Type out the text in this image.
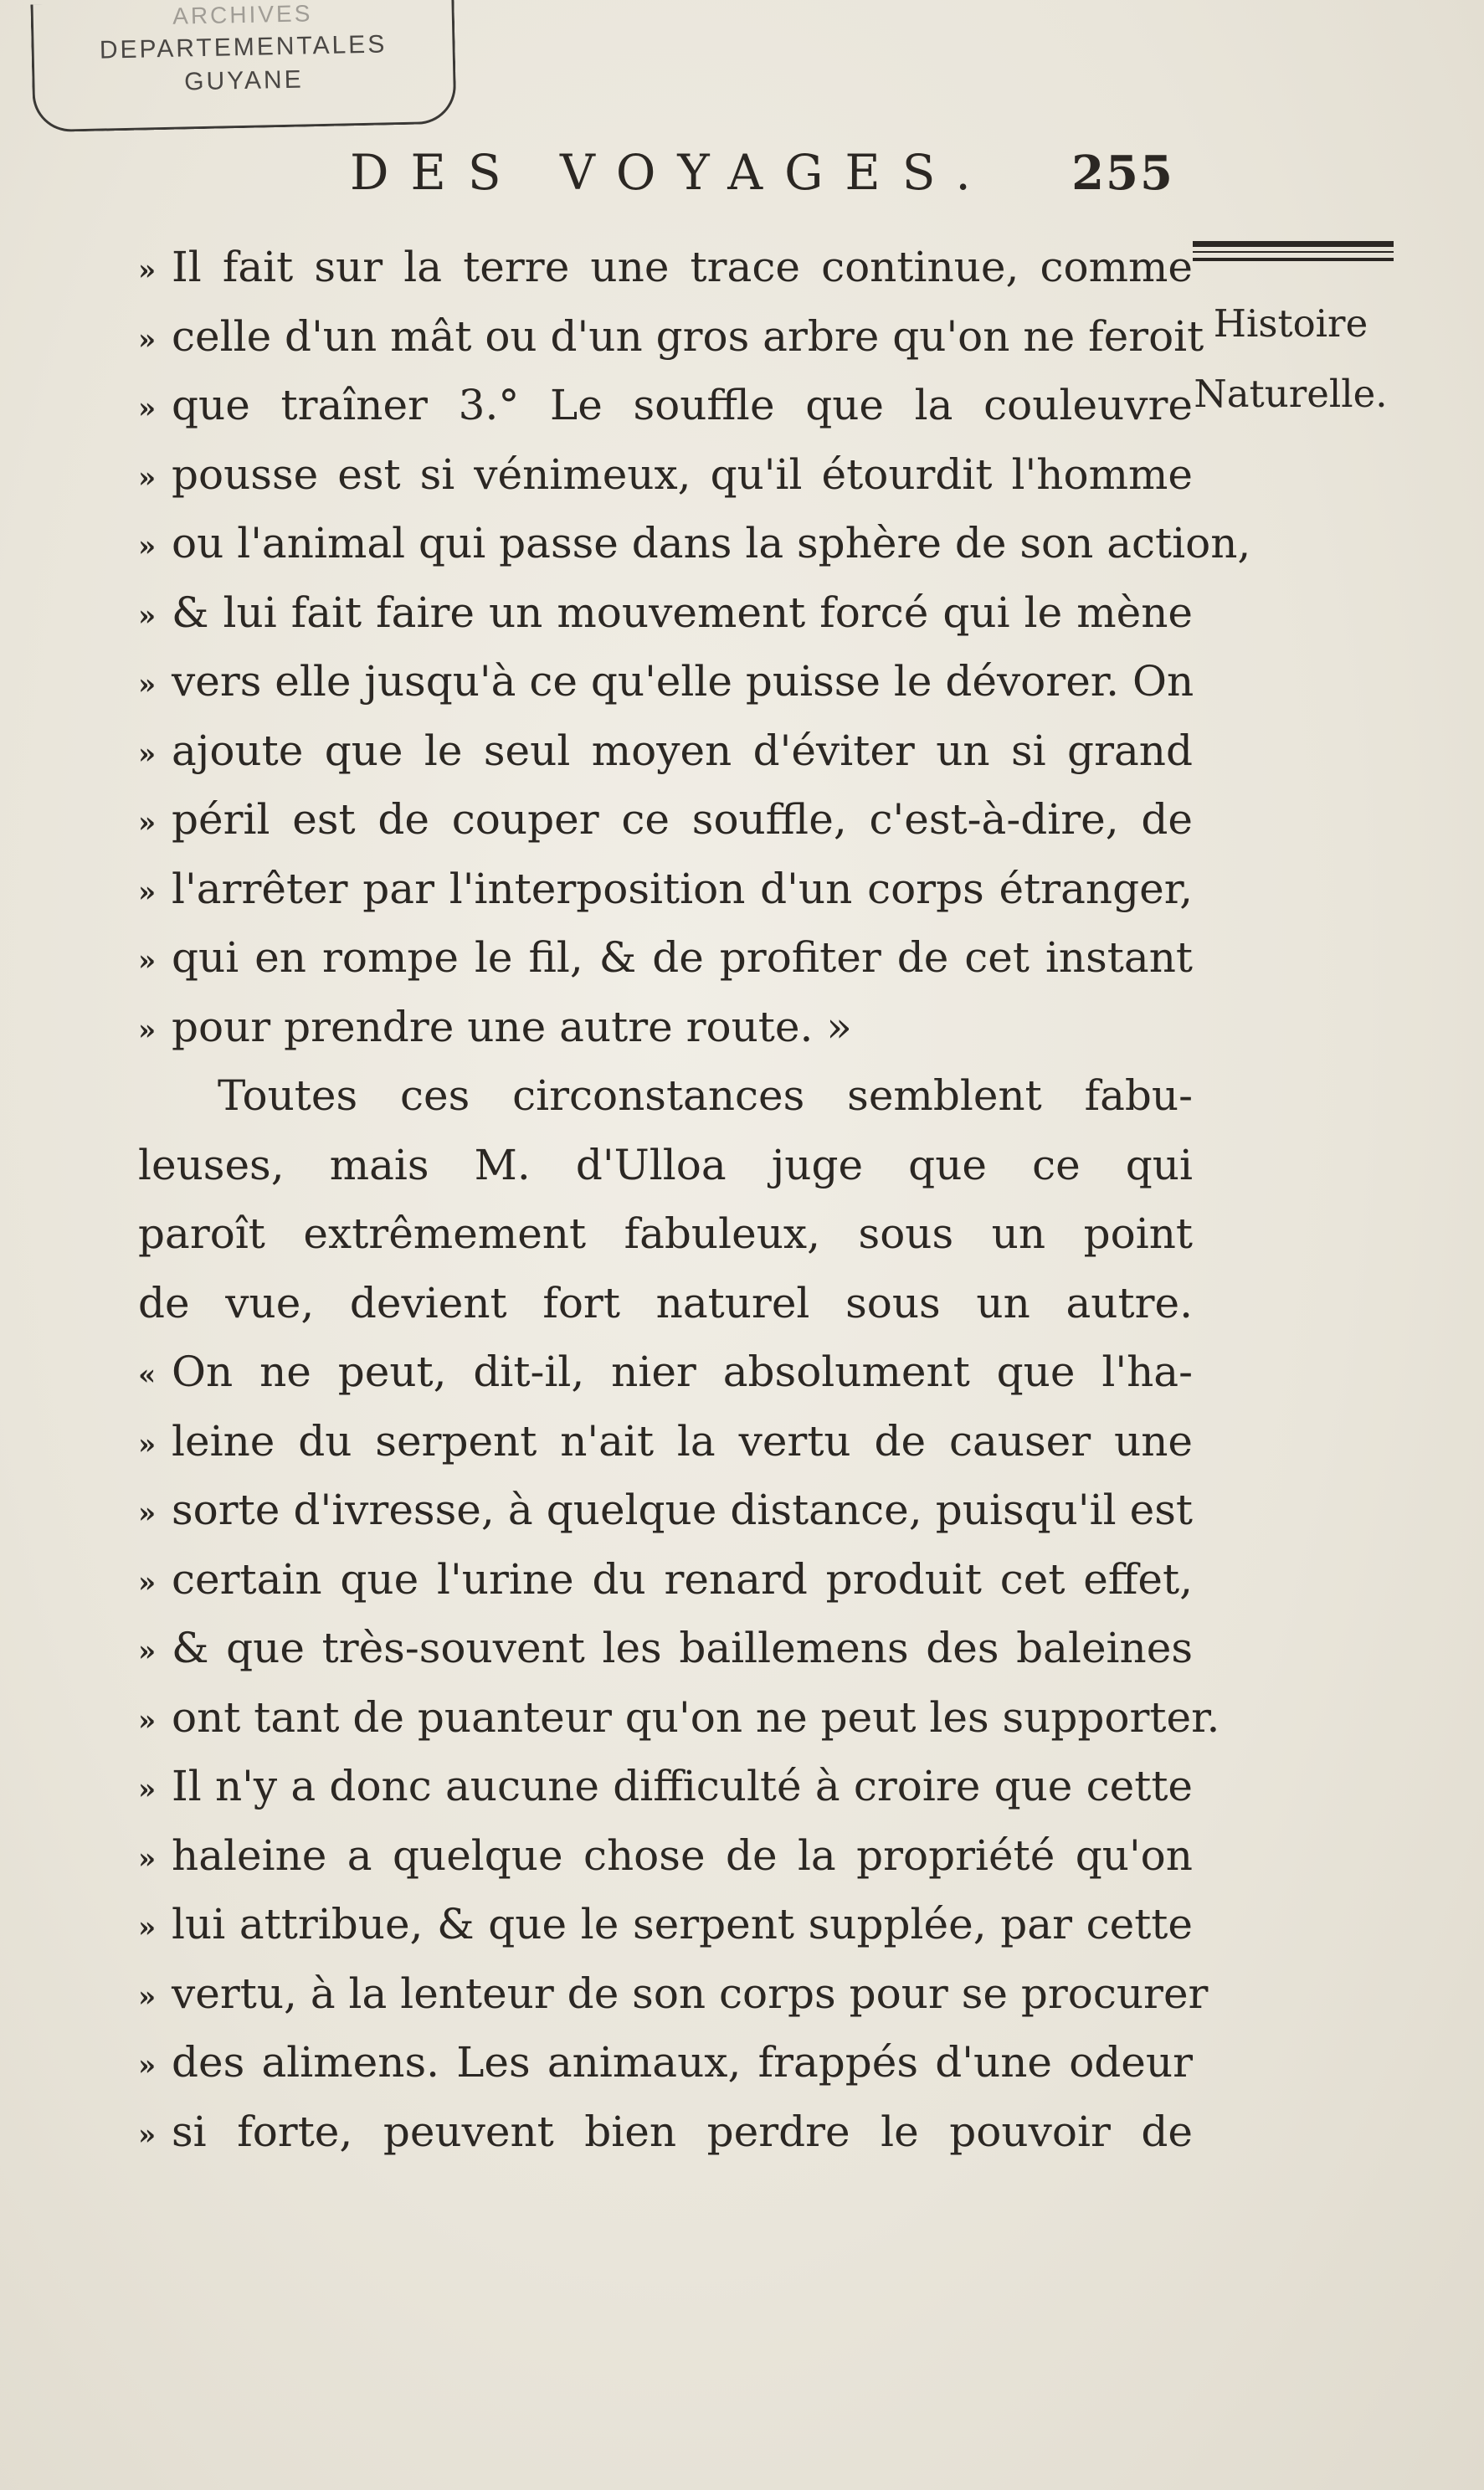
ARCHIVES
DEPARTEMENTALES
GUYANE
DES VOYAGES. 255
Histoire
Naturelle.
» Il fait sur la terre une trace continue, comme
» celle d'un mât ou d'un gros arbre qu'on ne feroit
» que traîner 3.° Le souffle que la couleuvre
» pousse est si vénimeux, qu'il étourdit l'homme
» ou l'animal qui passe dans la sphère de son action,
» & lui fait faire un mouvement forcé qui le mène
» vers elle jusqu'à ce qu'elle puisse le dévorer. On
» ajoute que le seul moyen d'éviter un si grand
» péril est de couper ce souffle, c'est-à-dire, de
» l'arrêter par l'interposition d'un corps étranger,
» qui en rompe le fil, & de profiter de cet instant
» pour prendre une autre route. »
Toutes ces circonstances semblent fabu-
leuses, mais M. d'Ulloa juge que ce qui
paroît extrêmement fabuleux, sous un point
de vue, devient fort naturel sous un autre.
« On ne peut, dit-il, nier absolument que l'ha-
» leine du serpent n'ait la vertu de causer une
» sorte d'ivresse, à quelque distance, puisqu'il est
» certain que l'urine du renard produit cet effet,
» & que très-souvent les baillemens des baleines
» ont tant de puanteur qu'on ne peut les supporter.
» Il n'y a donc aucune difficulté à croire que cette
» haleine a quelque chose de la propriété qu'on
» lui attribue, & que le serpent supplée, par cette
» vertu, à la lenteur de son corps pour se procurer
» des alimens. Les animaux, frappés d'une odeur
» si forte, peuvent bien perdre le pouvoir de
